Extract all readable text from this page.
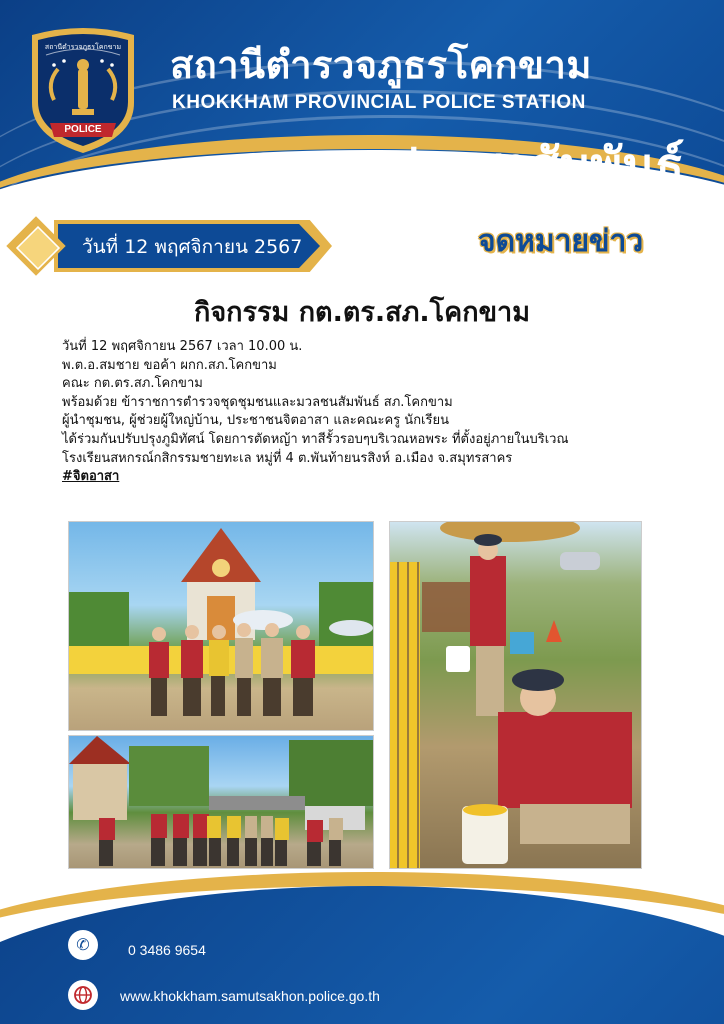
สถานีตำรวจภูธรโคกขาม
POLICE
สถานีตำรวจภูธรโคกขาม
KHOKKHAM PROVINCIAL POLICE STATION
ประชาสัมพันธ์

วันที่ 12 พฤศจิกายน 2567	จดหมายข่าว

กิจกรรม กต.ตร.สภ.โคกขาม

วันที่ 12 พฤศจิกายน 2567 เวลา 10.00 น.

พ.ต.อ.สมชาย ขอค้า ผกก.สภ.โคกขาม

คณะ กต.ตร.สภ.โคกขาม

พร้อมด้วย ข้าราชการตำรวจชุดชุมชนและมวลชนสัมพันธ์ สภ.โคกขาม

ผู้นำชุมชน, ผู้ช่วยผู้ใหญ่บ้าน, ประชาชนจิตอาสา และคณะครู นักเรียน

ได้ร่วมกันปรับปรุงภูมิทัศน์ โดยการตัดหญ้า ทาสีรั้วรอบๆบริเวณหอพระ ที่ตั้งอยู่ภายในบริเวณ

โรงเรียนสหกรณ์กสิกรรมชายทะเล หมู่ที่ 4 ต.พันท้ายนรสิงห์ อ.เมือง จ.สมุทรสาคร

#จิตอาสา

✆	0 3486 9654

www.khokkham.samutsakhon.police.go.th
